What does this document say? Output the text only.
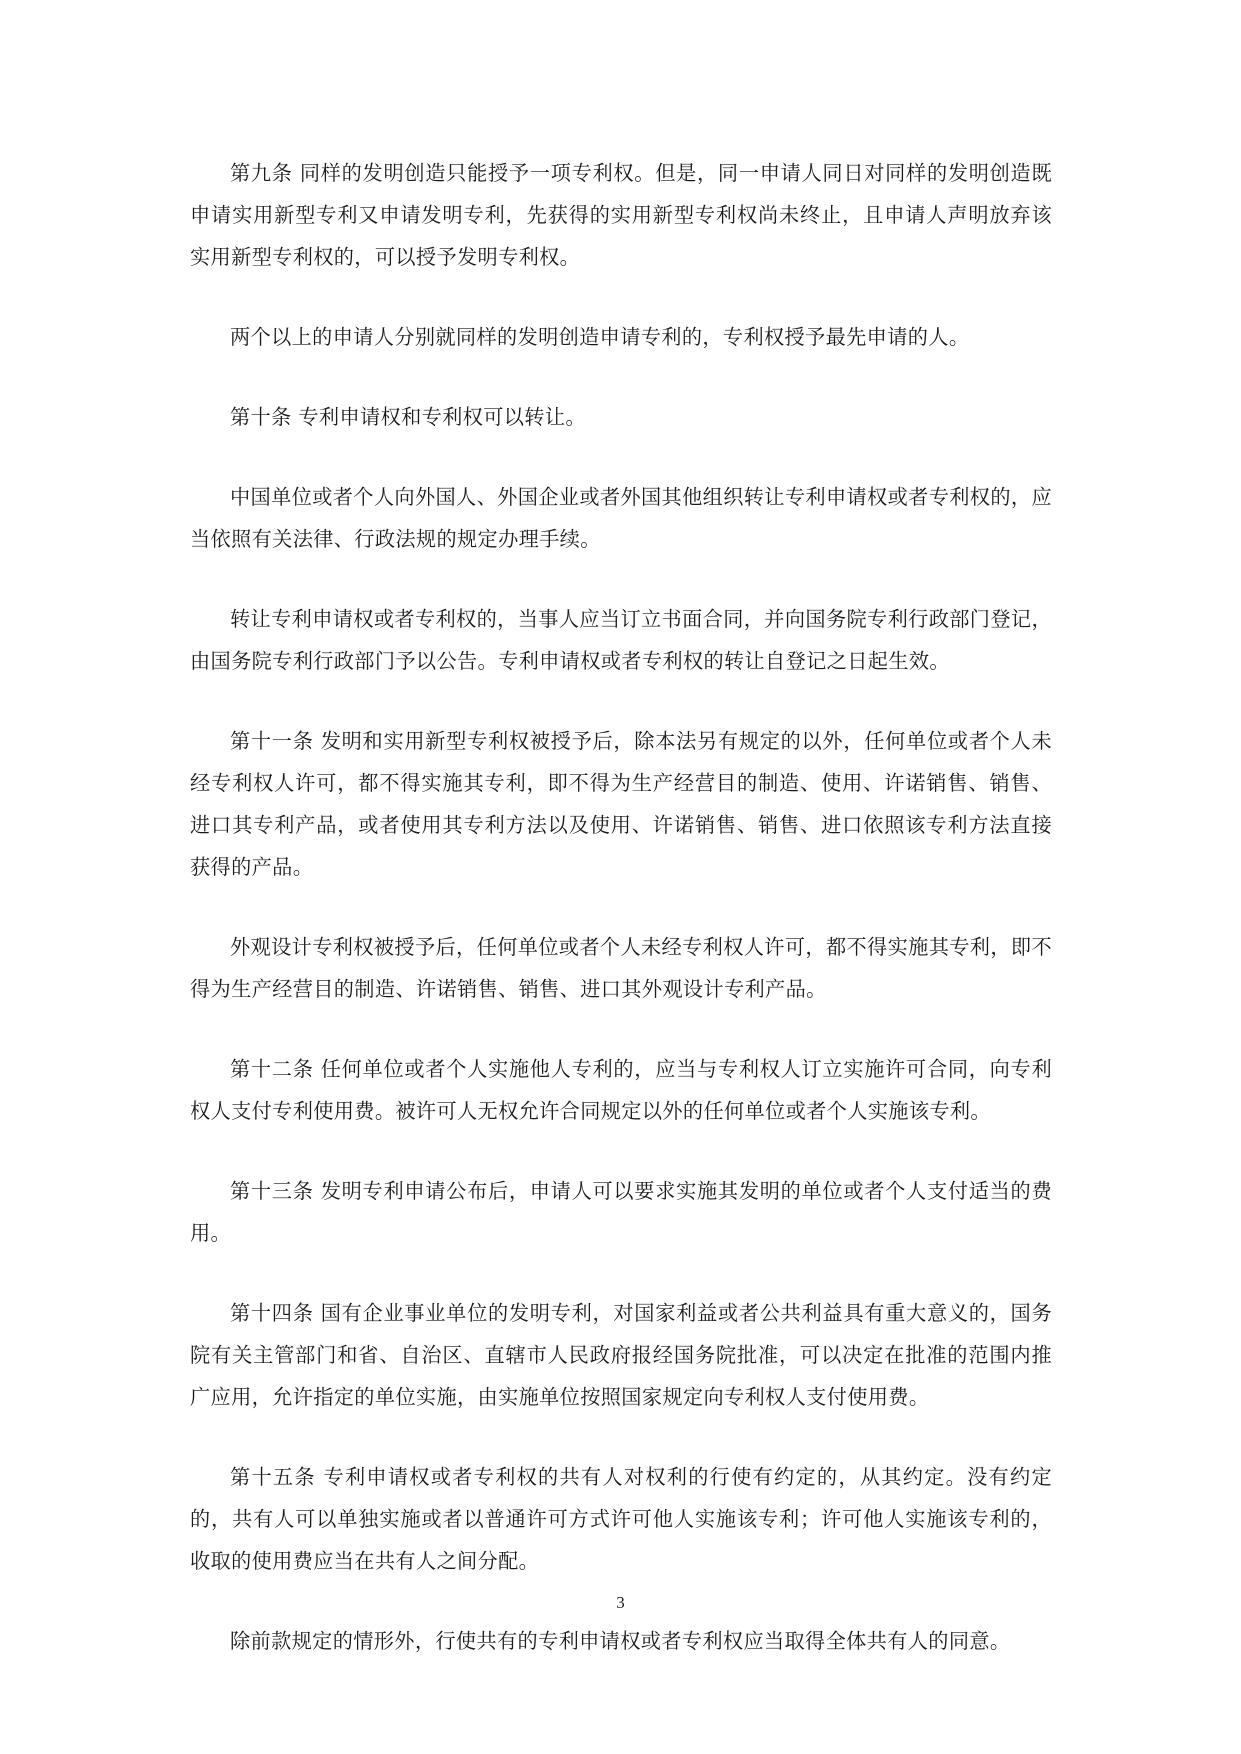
第九条 同样的发明创造只能授予一项专利权。但是，同一申请人同日对同样的发明创造既申请实用新型专利又申请发明专利，先获得的实用新型专利权尚未终止，且申请人声明放弃该实用新型专利权的，可以授予发明专利权。

两个以上的申请人分别就同样的发明创造申请专利的，专利权授予最先申请的人。

第十条 专利申请权和专利权可以转让。

中国单位或者个人向外国人、外国企业或者外国其他组织转让专利申请权或者专利权的，应当依照有关法律、行政法规的规定办理手续。

转让专利申请权或者专利权的，当事人应当订立书面合同，并向国务院专利行政部门登记，由国务院专利行政部门予以公告。专利申请权或者专利权的转让自登记之日起生效。

第十一条 发明和实用新型专利权被授予后，除本法另有规定的以外，任何单位或者个人未经专利权人许可，都不得实施其专利，即不得为生产经营目的制造、使用、许诺销售、销售、进口其专利产品，或者使用其专利方法以及使用、许诺销售、销售、进口依照该专利方法直接获得的产品。

外观设计专利权被授予后，任何单位或者个人未经专利权人许可，都不得实施其专利，即不得为生产经营目的制造、许诺销售、销售、进口其外观设计专利产品。

第十二条 任何单位或者个人实施他人专利的，应当与专利权人订立实施许可合同，向专利权人支付专利使用费。被许可人无权允许合同规定以外的任何单位或者个人实施该专利。

第十三条 发明专利申请公布后，申请人可以要求实施其发明的单位或者个人支付适当的费用。

第十四条 国有企业事业单位的发明专利，对国家利益或者公共利益具有重大意义的，国务院有关主管部门和省、自治区、直辖市人民政府报经国务院批准，可以决定在批准的范围内推广应用，允许指定的单位实施，由实施单位按照国家规定向专利权人支付使用费。

第十五条 专利申请权或者专利权的共有人对权利的行使有约定的，从其约定。没有约定的，共有人可以单独实施或者以普通许可方式许可他人实施该专利；许可他人实施该专利的，收取的使用费应当在共有人之间分配。

除前款规定的情形外，行使共有的专利申请权或者专利权应当取得全体共有人的同意。

3
